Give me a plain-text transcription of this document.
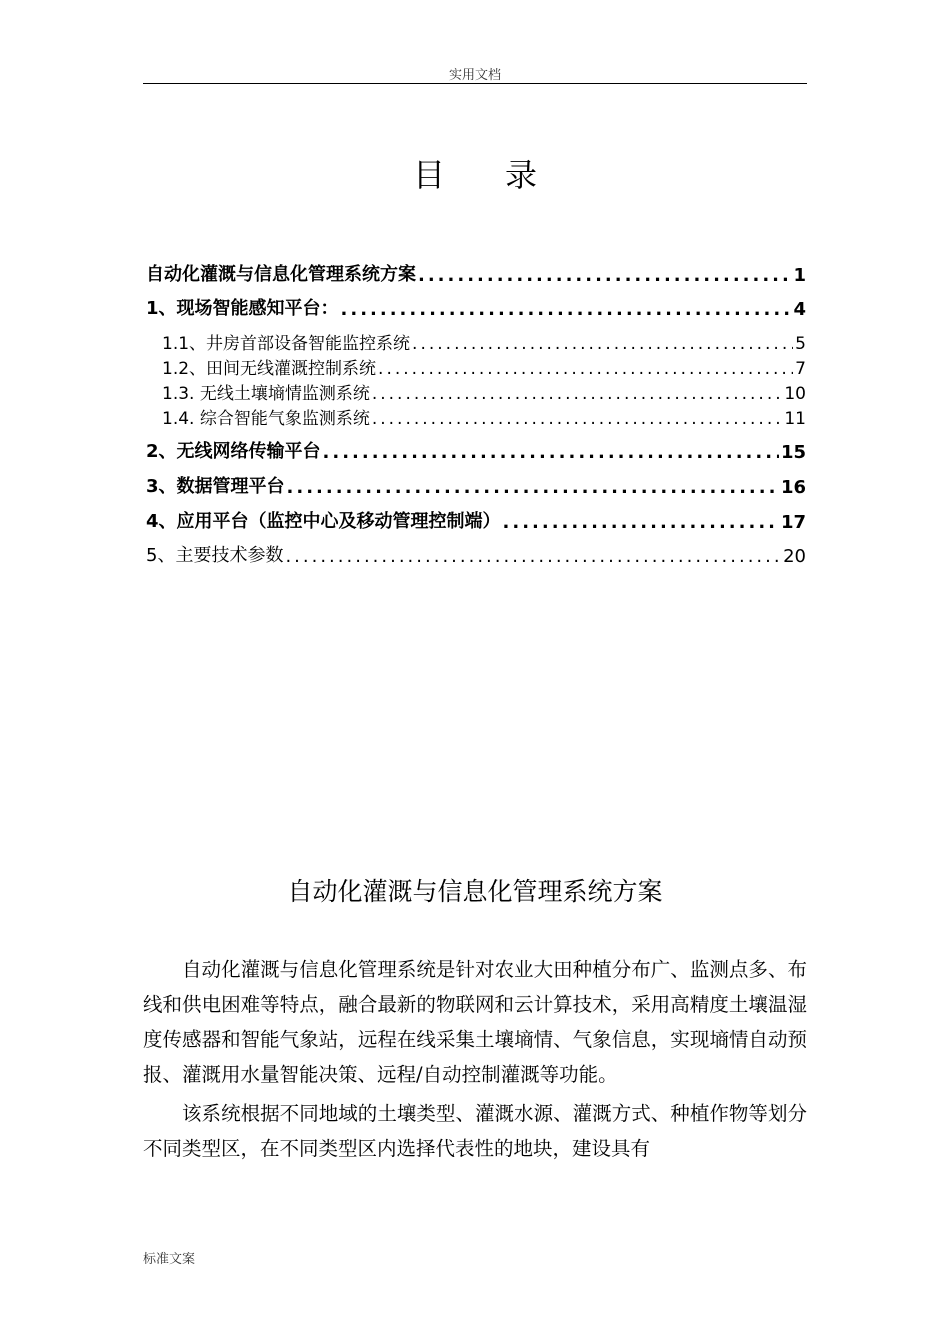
实用文档
目录
自动化灌溉与信息化管理系统方案 .....	1
1、现场智能感知平台： .....	4
1.1、井房首部设备智能监控系统 .....	5
1.2、田间无线灌溉控制系统 .....	7
1.3. 无线土壤墒情监测系统 .....	10
1.4. 综合智能气象监测系统 .....	11
2、无线网络传输平台 .....	15
3、数据管理平台 .....	16
4、应用平台（监控中心及移动管理控制端） .....	17
5、主要技术参数 .....	20
自动化灌溉与信息化管理系统方案

自动化灌溉与信息化管理系统是针对农业大田种植分布广、监测点多、布线和供电困难等特点，融合最新的物联网和云计算技术，采用高精度土壤温湿度传感器和智能气象站，远程在线采集土壤墒情、气象信息，实现墒情自动预报、灌溉用水量智能决策、远程/自动控制灌溉等功能。

该系统根据不同地域的土壤类型、灌溉水源、灌溉方式、种植作物等划分不同类型区，在不同类型区内选择代表性的地块，建设具有

标准文案
